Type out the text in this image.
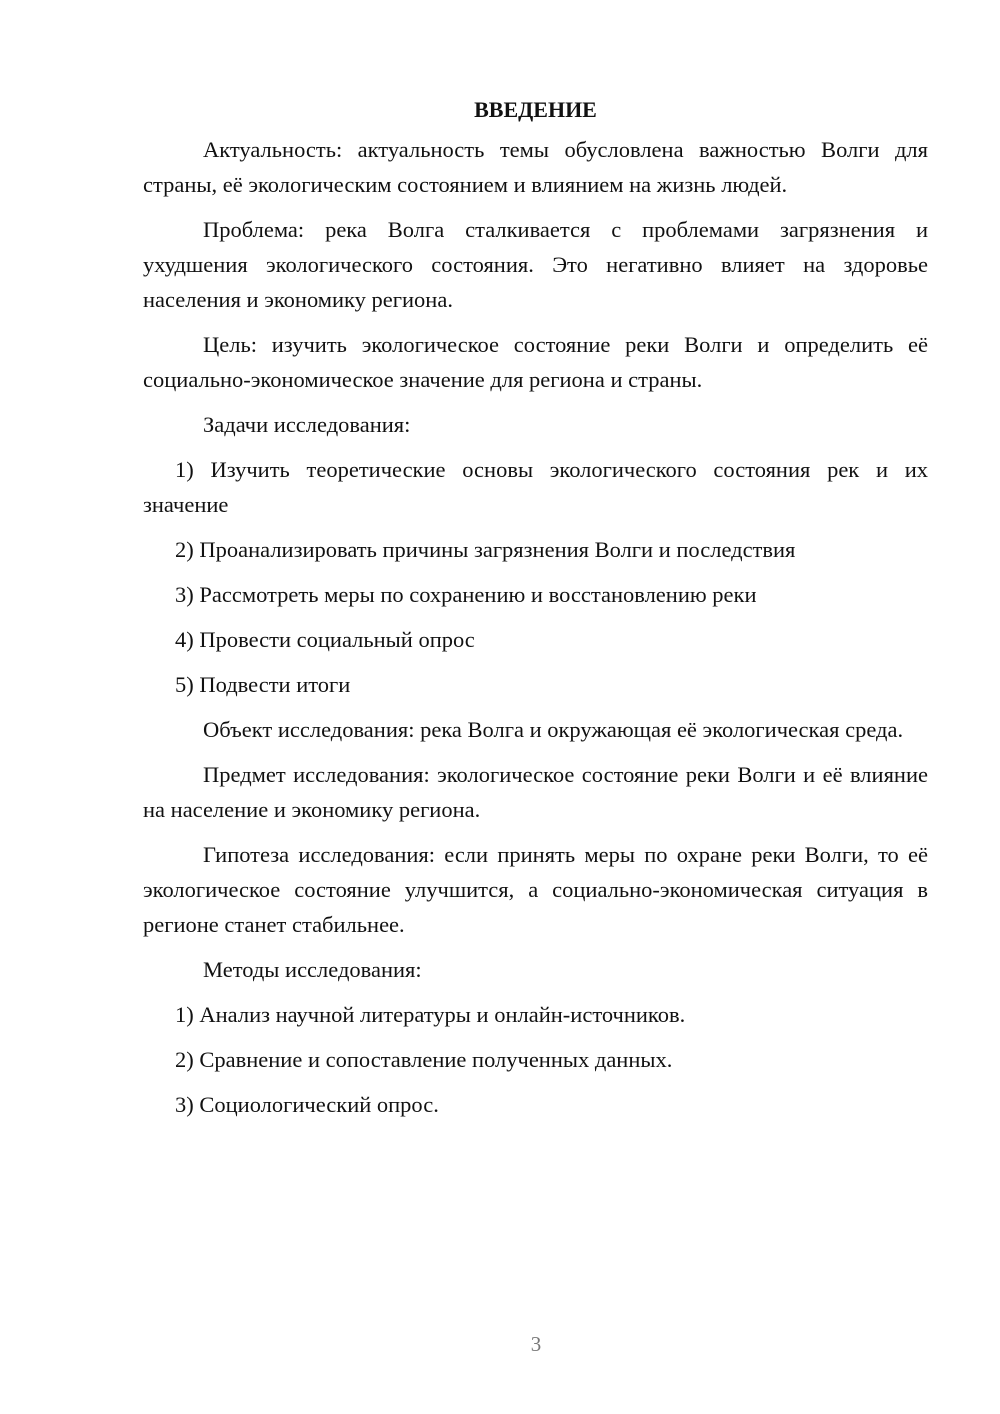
ВВЕДЕНИЕ

Актуальность: актуальность темы обусловлена важностью Волги для страны, её экологическим состоянием и влиянием на жизнь людей.

Проблема: река Волга сталкивается с проблемами загрязнения и ухудшения экологического состояния. Это негативно влияет на здоровье населения и экономику региона.

Цель: изучить экологическое состояние реки Волги и определить её социально-экономическое значение для региона и страны.

Задачи исследования:

1) Изучить теоретические основы экологического состояния рек и их значение

2) Проанализировать причины загрязнения Волги и последствия

3) Рассмотреть меры по сохранению и восстановлению реки

4) Провести социальный опрос

5) Подвести итоги

Объект исследования: река Волга и окружающая её экологическая среда.

Предмет исследования: экологическое состояние реки Волги и её влияние на население и экономику региона.

Гипотеза исследования: если принять меры по охране реки Волги, то её экологическое состояние улучшится, а социально-экономическая ситуация в регионе станет стабильнее.

Методы исследования:

1) Анализ научной литературы и онлайн-источников.

2) Сравнение и сопоставление полученных данных.

3) Социологический опрос.

3
